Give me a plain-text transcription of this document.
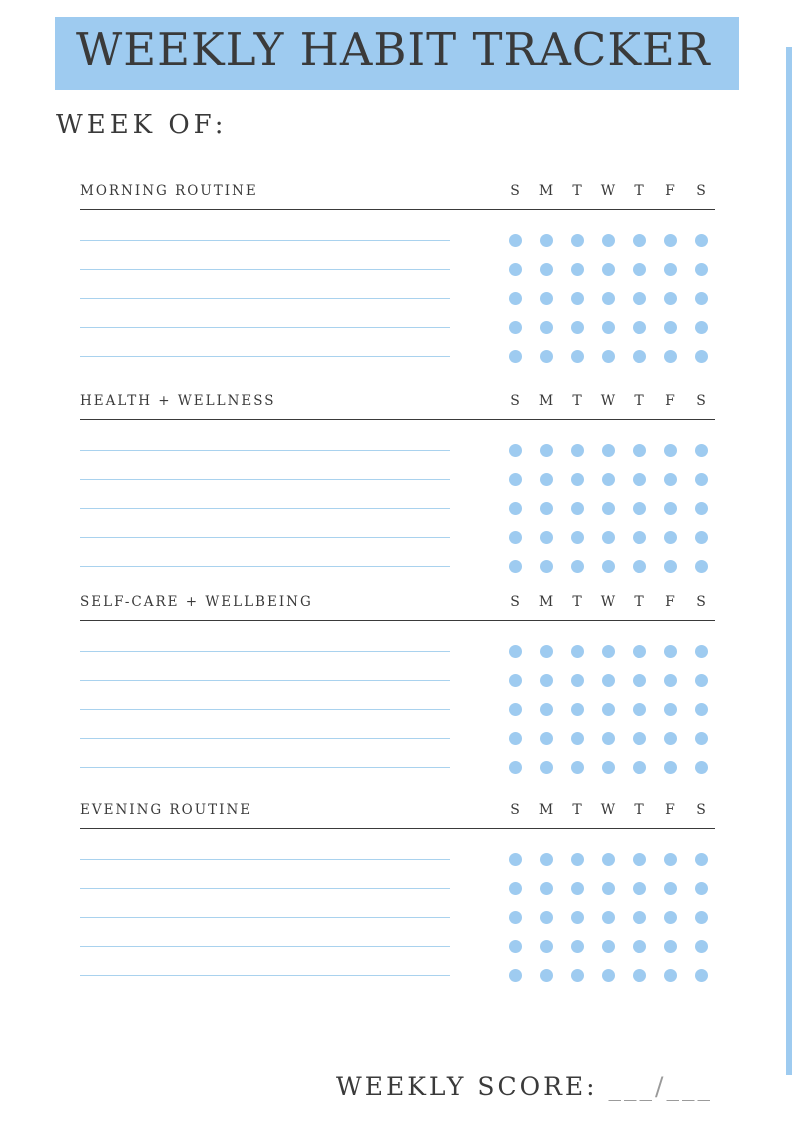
WEEKLY HABIT TRACKER
WEEK OF:
MORNING ROUTINE	S	M	T	W	T	F	S
HEALTH + WELLNESS	S	M	T	W	T	F	S
SELF-CARE + WELLBEING	S	M	T	W	T	F	S
EVENING ROUTINE	S	M	T	W	T	F	S
WEEKLY SCORE: ___/___
